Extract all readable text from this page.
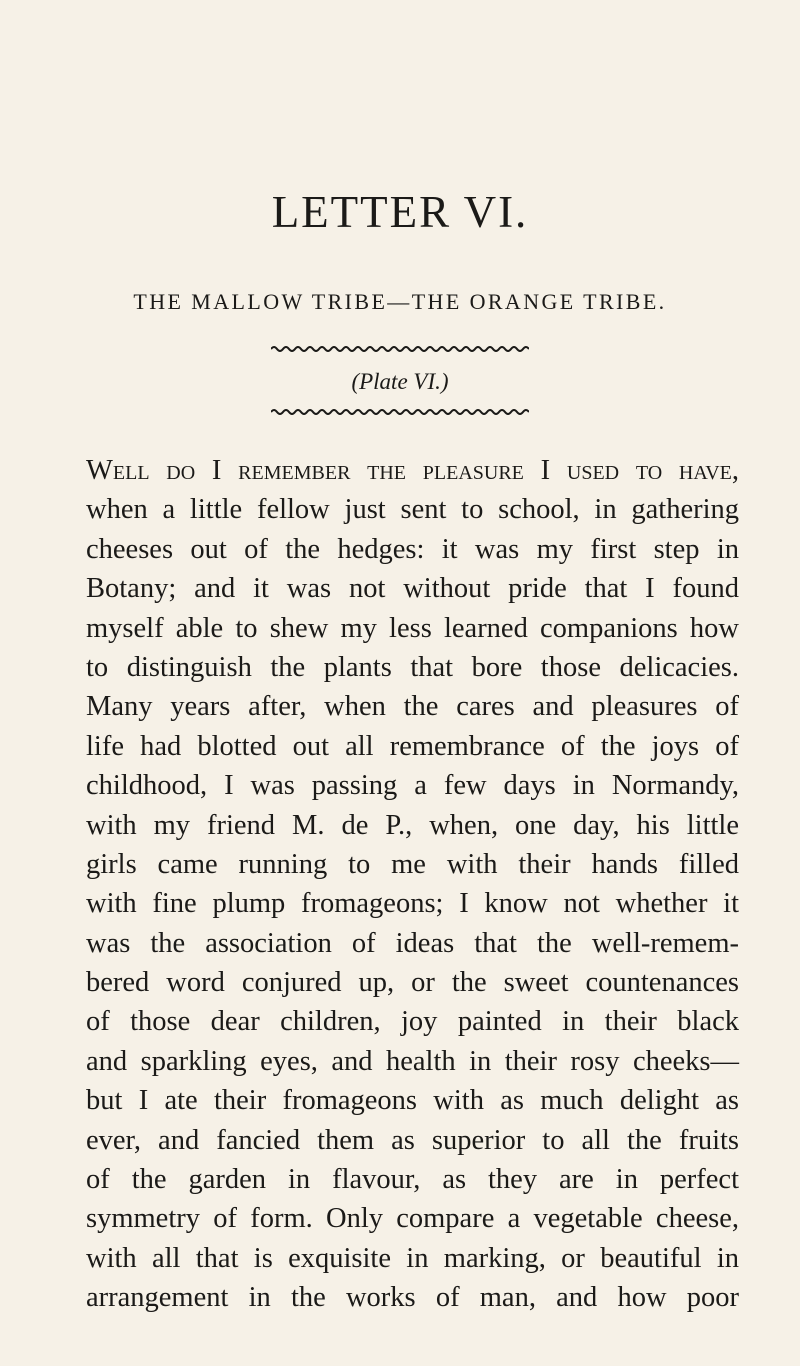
LETTER VI.
THE MALLOW TRIBE—THE ORANGE TRIBE.
(Plate VI.)
Well do I remember the pleasure I used to have,
when a little fellow just sent to school, in gathering
cheeses out of the hedges: it was my first step in
Botany; and it was not without pride that I found
myself able to shew my less learned companions how
to distinguish the plants that bore those delicacies.
Many years after, when the cares and pleasures of
life had blotted out all remembrance of the joys of
childhood, I was passing a few days in Normandy,
with my friend M. de P., when, one day, his little
girls came running to me with their hands filled
with fine plump fromageons; I know not whether it
was the association of ideas that the well-remem-
bered word conjured up, or the sweet countenances
of those dear children, joy painted in their black
and sparkling eyes, and health in their rosy cheeks—
but I ate their fromageons with as much delight as
ever, and fancied them as superior to all the fruits
of the garden in flavour, as they are in perfect
symmetry of form. Only compare a vegetable cheese,
with all that is exquisite in marking, or beautiful in
arrangement in the works of man, and how poor
